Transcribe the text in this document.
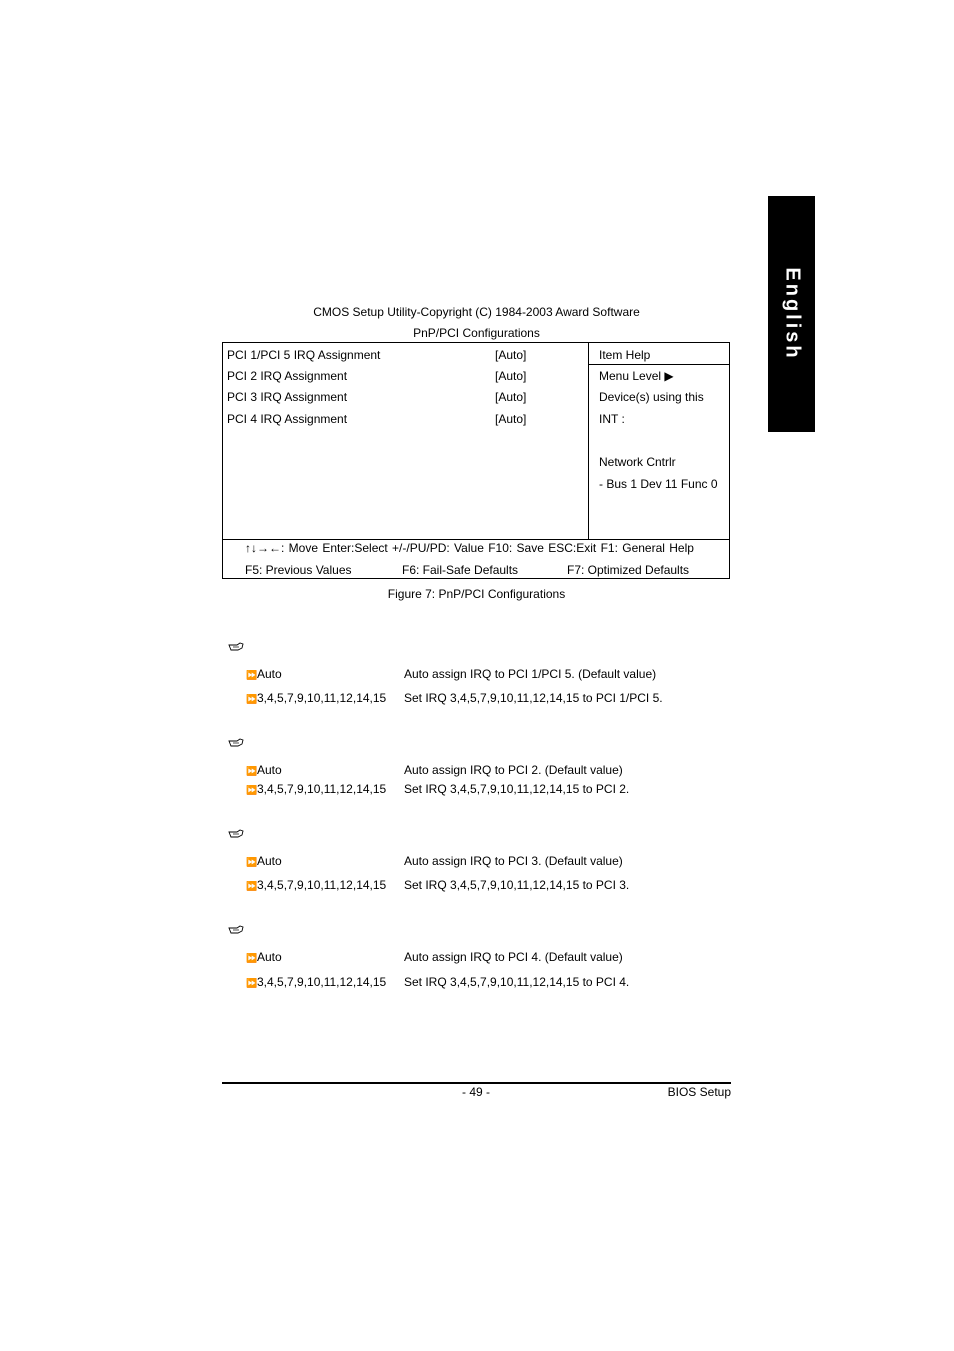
English
CMOS Setup Utility-Copyright (C) 1984-2003 Award Software
PnP/PCI Configurations
PCI 1/PCI 5 IRQ Assignment	[Auto]
PCI 2 IRQ Assignment	[Auto]
PCI 3 IRQ Assignment	[Auto]
PCI 4 IRQ Assignment	[Auto]
Item Help
Menu Level ▶
Device(s) using this
INT :
Network Cntrlr
- Bus 1 Dev 11 Func 0
↑↓→←: Move Enter:Select +/-/PU/PD: Value F10: Save ESC:Exit F1: General Help
F5: Previous Values	F6: Fail-Safe Defaults	F7: Optimized Defaults
Figure 7: PnP/PCI Configurations
⏩Auto	Auto assign IRQ to PCI 1/PCI 5. (Default value)
⏩3,4,5,7,9,10,11,12,14,15 Set IRQ 3,4,5,7,9,10,11,12,14,15 to PCI 1/PCI 5.
⏩Auto	Auto assign IRQ to PCI 2. (Default value)
⏩3,4,5,7,9,10,11,12,14,15 Set IRQ 3,4,5,7,9,10,11,12,14,15 to PCI 2.
⏩Auto	Auto assign IRQ to PCI 3. (Default value)
⏩3,4,5,7,9,10,11,12,14,15 Set IRQ 3,4,5,7,9,10,11,12,14,15 to PCI 3.
⏩Auto	Auto assign IRQ to PCI 4. (Default value)
⏩3,4,5,7,9,10,11,12,14,15 Set IRQ 3,4,5,7,9,10,11,12,14,15 to PCI 4.
- 49 -	BIOS Setup
